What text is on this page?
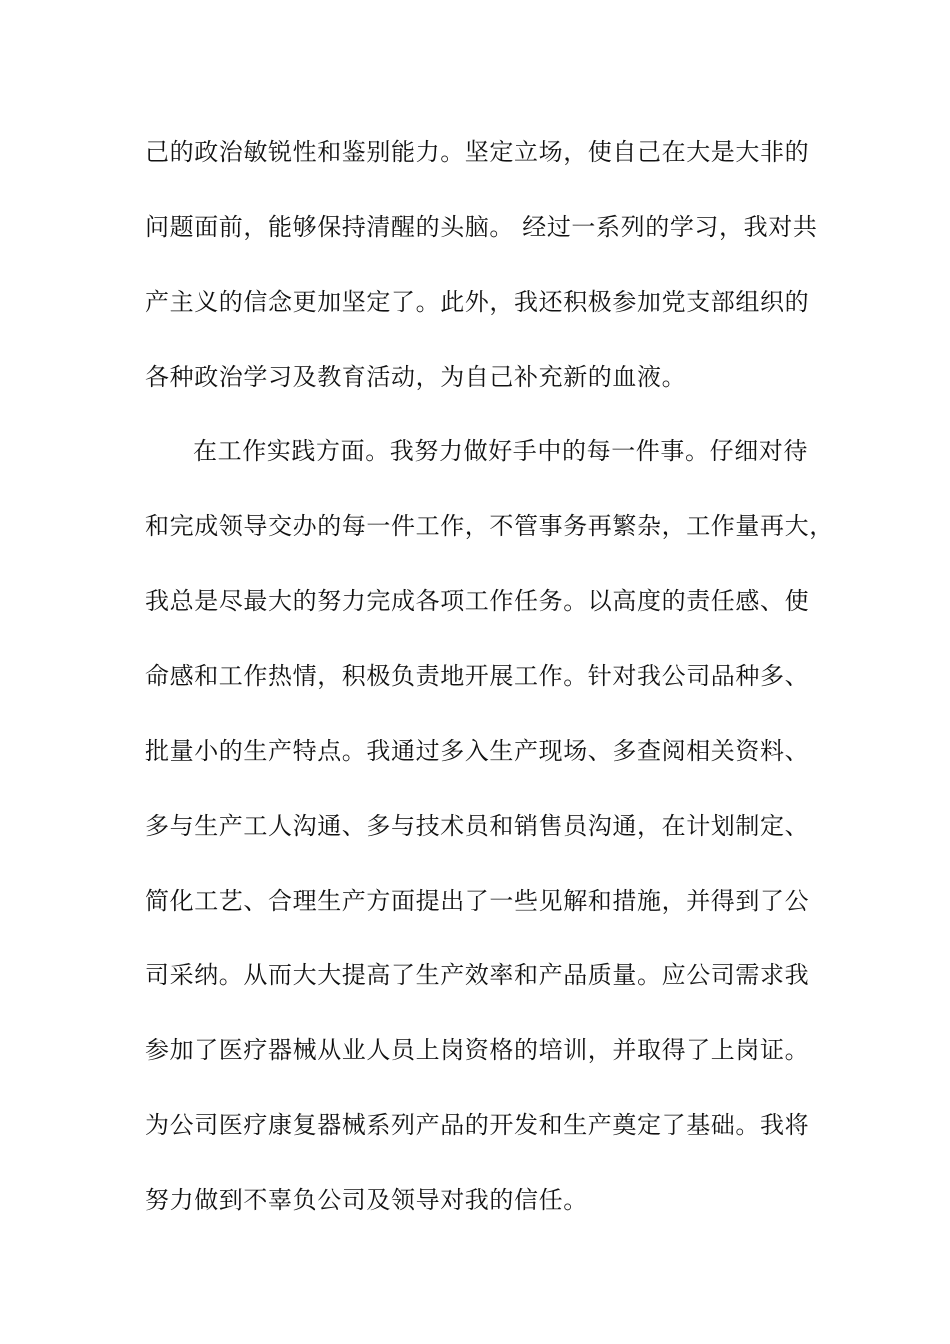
己的政治敏锐性和鉴别能力。坚定立场，使自己在大是大非的
问题面前，能够保持清醒的头脑。 经过一系列的学习，我对共
产主义的信念更加坚定了。此外，我还积极参加党支部组织的
各种政治学习及教育活动，为自己补充新的血液。
在工作实践方面。我努力做好手中的每一件事。仔细对待
和完成领导交办的每一件工作，不管事务再繁杂，工作量再大，
我总是尽最大的努力完成各项工作任务。以高度的责任感、使
命感和工作热情，积极负责地开展工作。针对我公司品种多、
批量小的生产特点。我通过多入生产现场、多查阅相关资料、
多与生产工人沟通、多与技术员和销售员沟通，在计划制定、
简化工艺、合理生产方面提出了一些见解和措施，并得到了公
司采纳。从而大大提高了生产效率和产品质量。应公司需求我
参加了医疗器械从业人员上岗资格的培训，并取得了上岗证。
为公司医疗康复器械系列产品的开发和生产奠定了基础。我将
努力做到不辜负公司及领导对我的信任。
